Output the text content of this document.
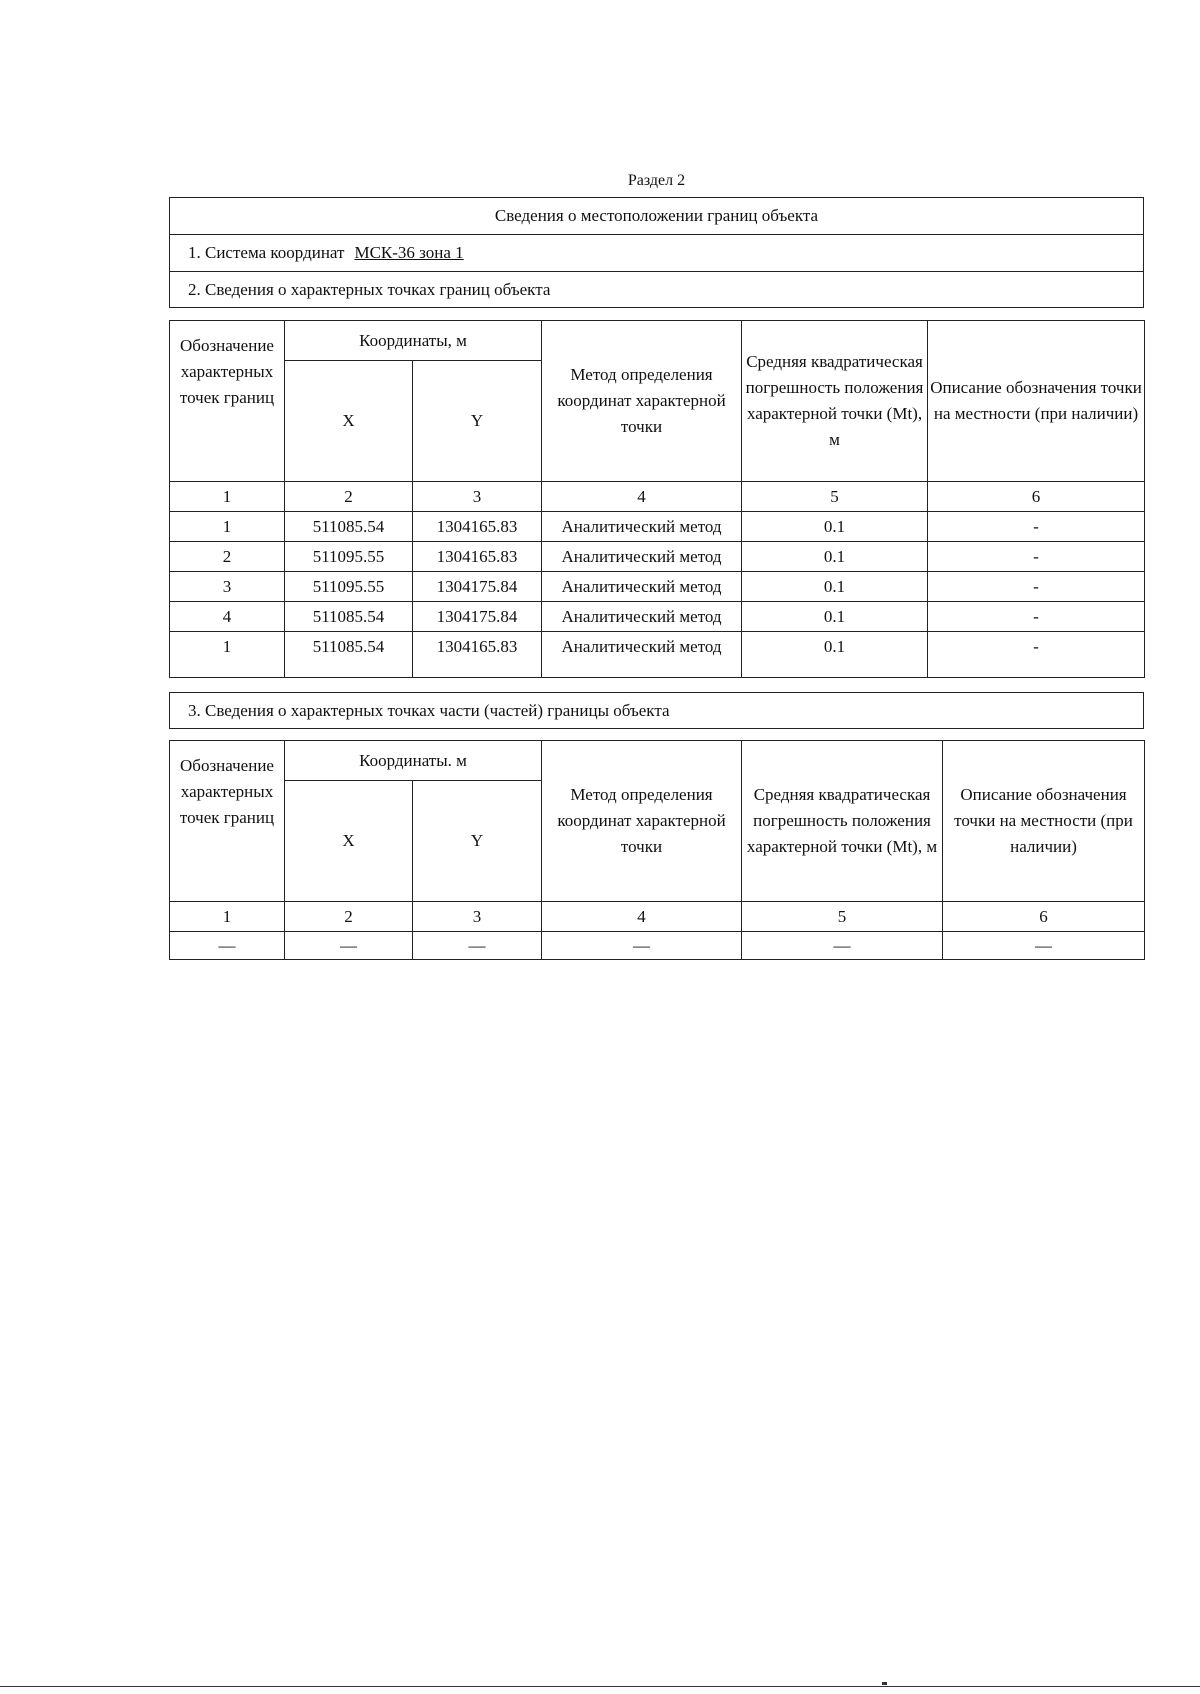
Раздел 2
Сведения о местоположении границ объекта
1. Система координат МСК-36 зона 1
2. Сведения о характерных точках границ объекта
Обозначение характерных точек границ	Координаты, м		Метод определения координат характерной точки	Средняя квадратическая погрешность положения характерной точки (Mt), м	Описание обозначения точки на местности (при наличии)
	X	Y			
1	2	3	4	5	6
1	511085.54	1304165.83	Аналитический метод	0.1	-
2	511095.55	1304165.83	Аналитический метод	0.1	-
3	511095.55	1304175.84	Аналитический метод	0.1	-
4	511085.54	1304175.84	Аналитический метод	0.1	-
1	511085.54	1304165.83	Аналитический метод	0.1	-
3. Сведения о характерных точках части (частей) границы объекта
Обозначение характерных точек границ	Координаты. м		Метод определения координат характерной точки	Средняя квадратическая погрешность положения характерной точки (Mt), м	Описание обозначения точки на местности (при наличии)
	X	Y			
1	2	3	4	5	6
—	—	—	—	—	—
